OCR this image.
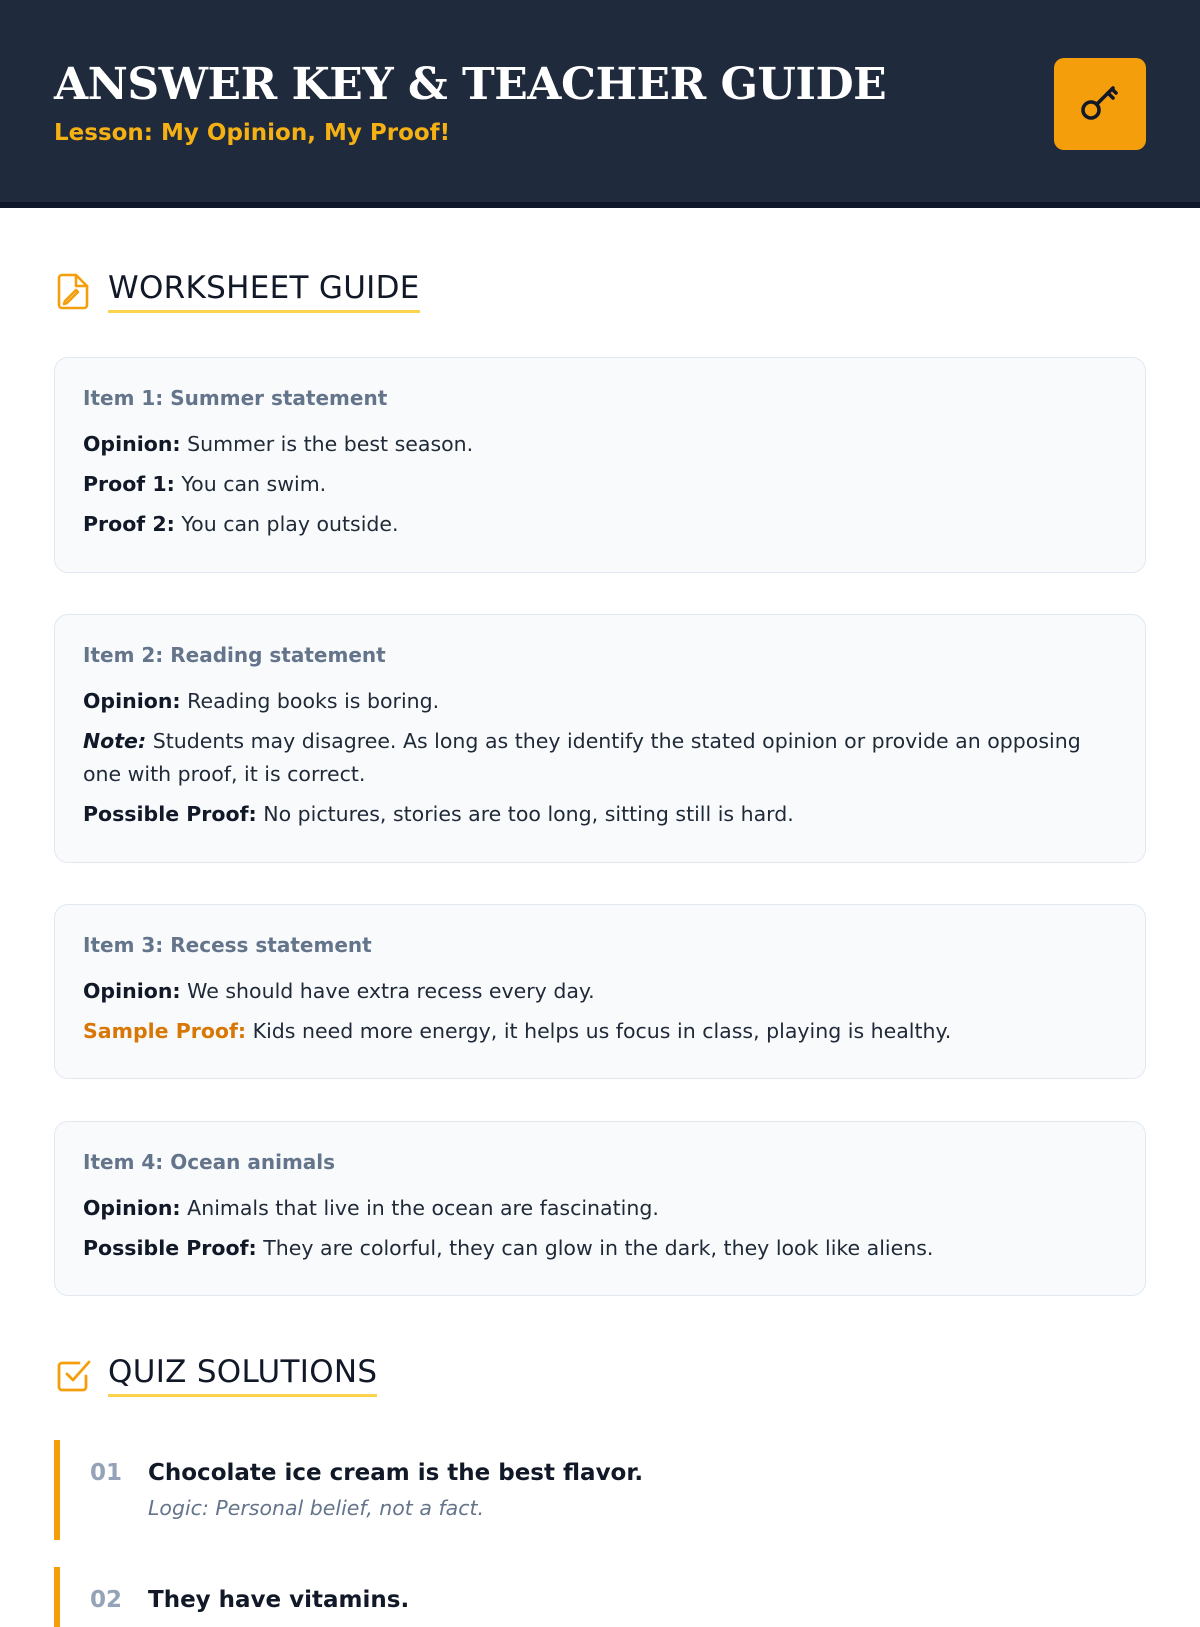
ANSWER KEY & TEACHER GUIDE
Lesson: My Opinion, My Proof!
WORKSHEET GUIDE
Item 1: Summer statement
Opinion: Summer is the best season.
Proof 1: You can swim.
Proof 2: You can play outside.
Item 2: Reading statement
Opinion: Reading books is boring.
Note: Students may disagree. As long as they identify the stated opinion or provide an opposing one with proof, it is correct.
Possible Proof: No pictures, stories are too long, sitting still is hard.
Item 3: Recess statement
Opinion: We should have extra recess every day.
Sample Proof: Kids need more energy, it helps us focus in class, playing is healthy.
Item 4: Ocean animals
Opinion: Animals that live in the ocean are fascinating.
Possible Proof: They are colorful, they can glow in the dark, they look like aliens.
QUIZ SOLUTIONS
01 Chocolate ice cream is the best flavor.
Logic: Personal belief, not a fact.
02 They have vitamins.
